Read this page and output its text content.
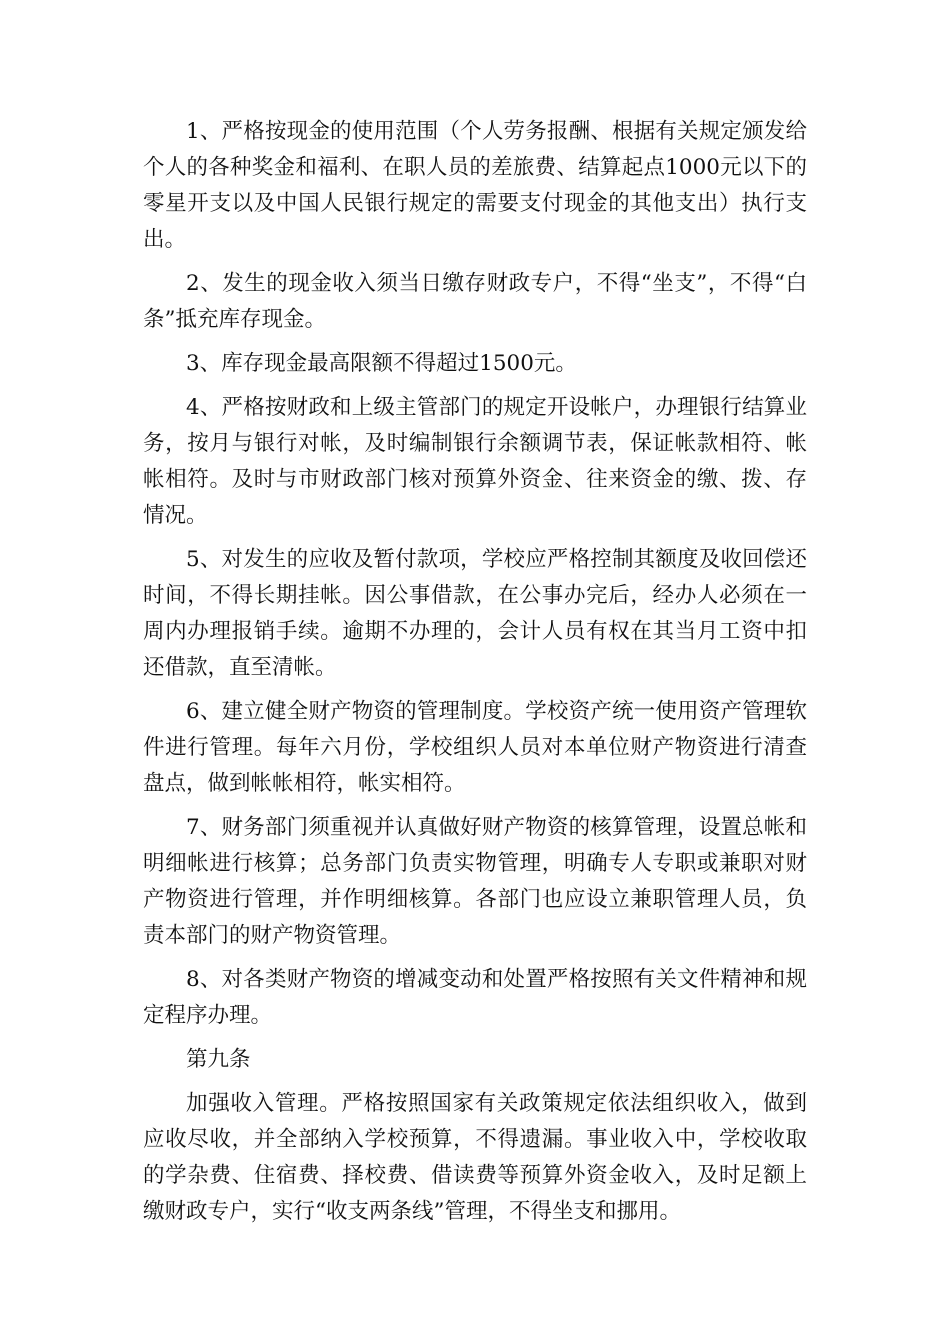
1、严格按现金的使用范围（个人劳务报酬、根据有关规定颁发给个人的各种奖金和福利、在职人员的差旅费、结算起点1000元以下的零星开支以及中国人民银行规定的需要支付现金的其他支出）执行支出。

2、发生的现金收入须当日缴存财政专户，不得“坐支”，不得“白条”抵充库存现金。

3、库存现金最高限额不得超过1500元。

4、严格按财政和上级主管部门的规定开设帐户，办理银行结算业务，按月与银行对帐，及时编制银行余额调节表，保证帐款相符、帐帐相符。及时与市财政部门核对预算外资金、往来资金的缴、拨、存情况。

5、对发生的应收及暂付款项，学校应严格控制其额度及收回偿还时间，不得长期挂帐。因公事借款，在公事办完后，经办人必须在一周内办理报销手续。逾期不办理的，会计人员有权在其当月工资中扣还借款，直至清帐。

6、建立健全财产物资的管理制度。学校资产统一使用资产管理软件进行管理。每年六月份，学校组织人员对本单位财产物资进行清查盘点，做到帐帐相符，帐实相符。

7、财务部门须重视并认真做好财产物资的核算管理，设置总帐和明细帐进行核算；总务部门负责实物管理，明确专人专职或兼职对财产物资进行管理，并作明细核算。各部门也应设立兼职管理人员，负责本部门的财产物资管理。

8、对各类财产物资的增减变动和处置严格按照有关文件精神和规定程序办理。

第九条

加强收入管理。严格按照国家有关政策规定依法组织收入，做到应收尽收，并全部纳入学校预算，不得遗漏。事业收入中，学校收取的学杂费、住宿费、择校费、借读费等预算外资金收入，及时足额上缴财政专户，实行“收支两条线”管理，不得坐支和挪用。
